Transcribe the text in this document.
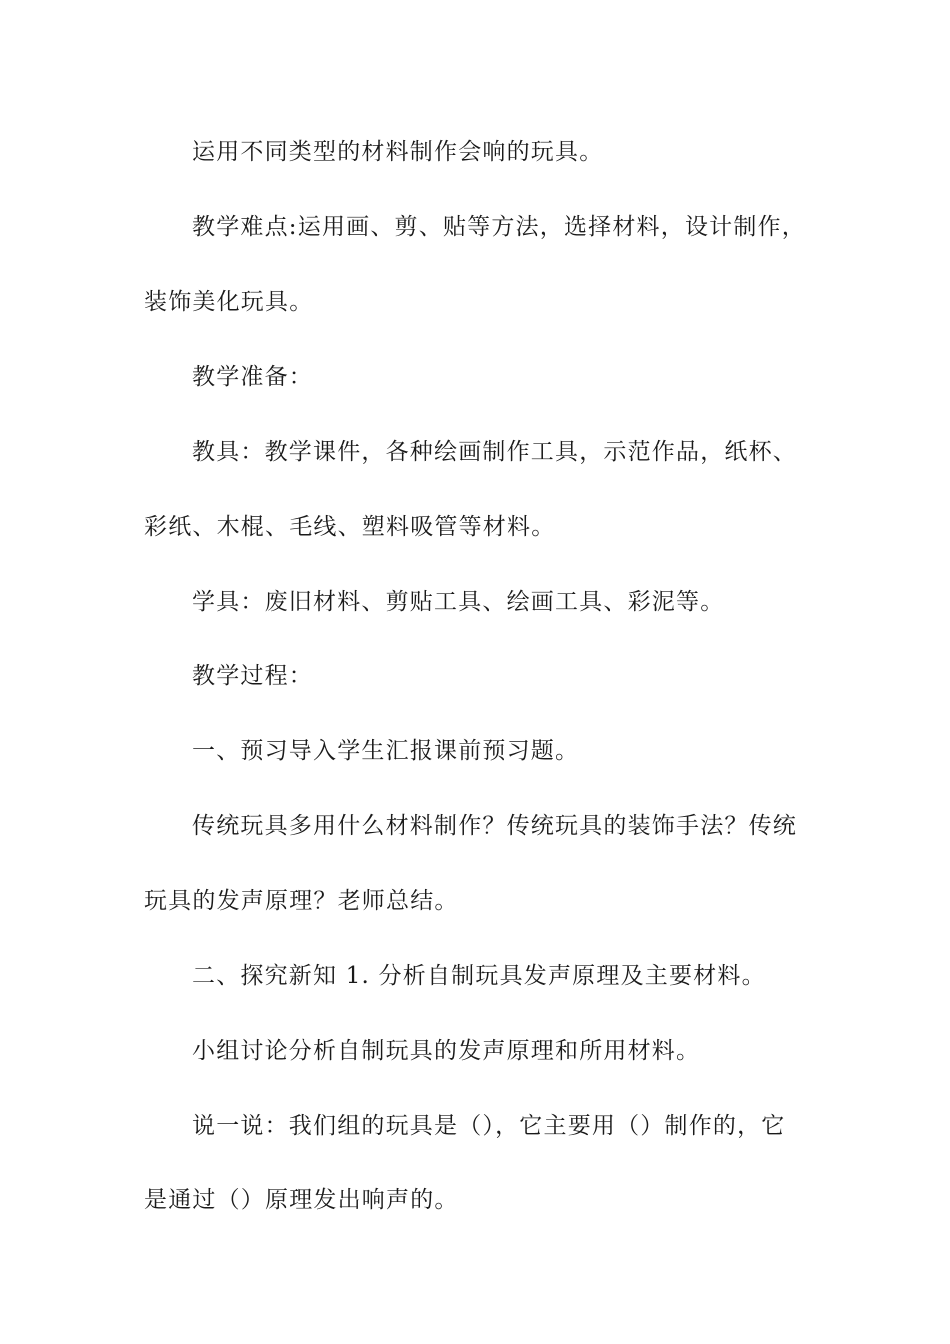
运用不同类型的材料制作会响的玩具。
教学难点:运用画、剪、贴等方法，选择材料，设计制作，
装饰美化玩具。
教学准备：
教具：教学课件，各种绘画制作工具，示范作品，纸杯、
彩纸、木棍、毛线、塑料吸管等材料。
学具：废旧材料、剪贴工具、绘画工具、彩泥等。
教学过程：
一、预习导入学生汇报课前预习题。
传统玩具多用什么材料制作？传统玩具的装饰手法？传统
玩具的发声原理？老师总结。
二、探究新知 1. 分析自制玩具发声原理及主要材料。
小组讨论分析自制玩具的发声原理和所用材料。
说一说：我们组的玩具是（），它主要用（）制作的，它
是通过（）原理发出响声的。
